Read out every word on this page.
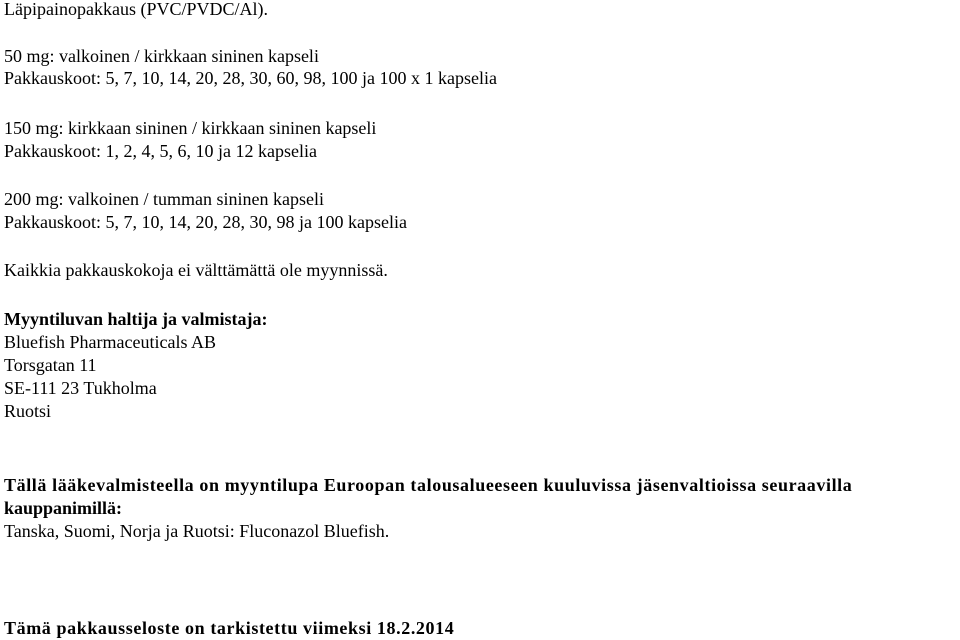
Läpipainopakkaus (PVC/PVDC/Al).
50 mg: valkoinen / kirkkaan sininen kapseli
Pakkauskoot: 5, 7, 10, 14, 20, 28, 30, 60, 98, 100 ja 100 x 1 kapselia
150 mg: kirkkaan sininen / kirkkaan sininen kapseli
Pakkauskoot: 1, 2, 4, 5, 6, 10 ja 12 kapselia
200 mg: valkoinen / tumman sininen kapseli
Pakkauskoot: 5, 7, 10, 14, 20, 28, 30, 98 ja 100 kapselia
Kaikkia pakkauskokoja ei välttämättä ole myynnissä.
Myyntiluvan haltija ja valmistaja:
Bluefish Pharmaceuticals AB
Torsgatan 11
SE-111 23 Tukholma
Ruotsi
Tällä lääkevalmisteella on myyntilupa Euroopan talousalueeseen kuuluvissa jäsenvaltioissa seuraavilla
kauppanimillä:
Tanska, Suomi, Norja ja Ruotsi: Fluconazol Bluefish.
Tämä pakkausseloste on tarkistettu viimeksi 18.2.2014
